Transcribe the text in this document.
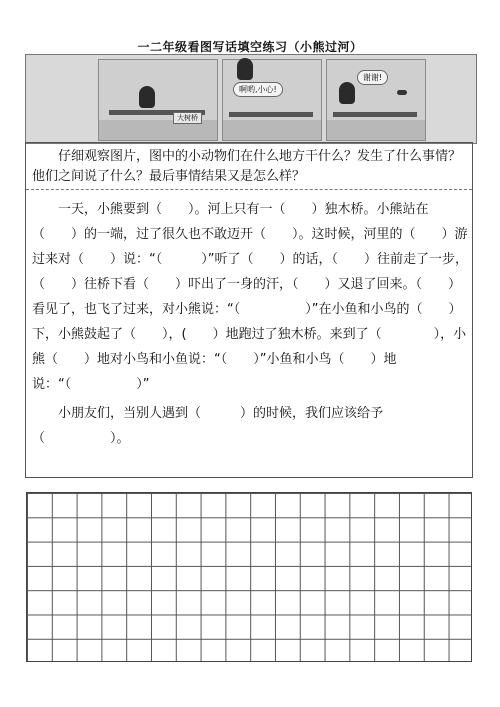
一二年级看图写话填空练习（小熊过河）
大树桥
啊哟,小心!
谢谢!
仔细观察图片，图中的小动物们在什么地方干什么？发生了什么事情？他们之间说了什么？最后事情结果又是怎么样？

一天，小熊要到（　　）。河上只有一（　　）独木桥。小熊站在（　　）的一端，过了很久也不敢迈开（　　）。这时候，河里的（　　）游过来对（　　）说：“（　　　）”听了（　　）的话，（　　）往前走了一步，（　　）往桥下看（　　）吓出了一身的汗，（　　）又退了回来。（　　）看见了，也飞了过来，对小熊说：“（　　　　　）”在小鱼和小鸟的（　　）下，小熊鼓起了（　　），(　　）地跑过了独木桥。来到了（　　　　），小熊（　　）地对小鸟和小鱼说：“（　　）”小鱼和小鸟（　　）地说：“（　　　　　）”

小朋友们，当别人遇到（　　　）的时候，我们应该给予（　　　　　）。
